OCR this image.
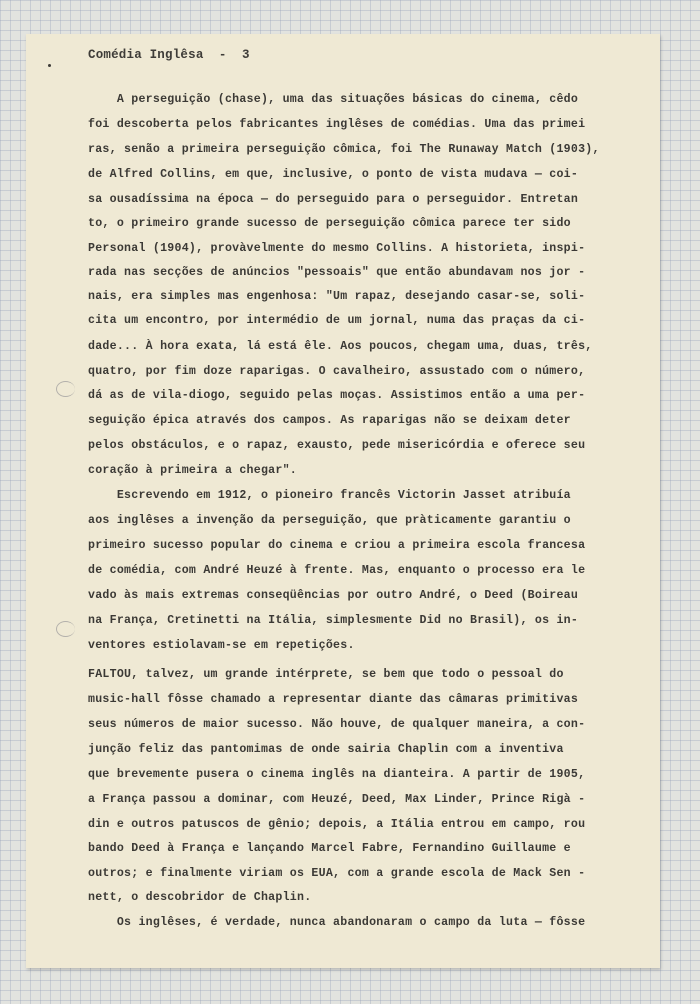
Comédia Inglêsa  -  3
A perseguição (chase), uma das situações básicas do cinema, cêdo
foi descoberta pelos fabricantes inglêses de comédias. Uma das primei
ras, senão a primeira perseguição cômica, foi The Runaway Match (1903),
de Alfred Collins, em que, inclusive, o ponto de vista mudava — coi-
sa ousadíssima na época — do perseguido para o perseguidor. Entretan
to, o primeiro grande sucesso de perseguição cômica parece ter sido
Personal (1904), provàvelmente do mesmo Collins. A historieta, inspi-
rada nas secções de anúncios "pessoais" que então abundavam nos jor -
nais, era simples mas engenhosa: "Um rapaz, desejando casar-se, soli-
cita um encontro, por intermédio de um jornal, numa das praças da ci-
dade... À hora exata, lá está êle. Aos poucos, chegam uma, duas, três,
quatro, por fim doze raparigas. O cavalheiro, assustado com o número,
dá as de vila-diogo, seguido pelas moças. Assistimos então a uma per-
seguição épica através dos campos. As raparigas não se deixam deter
pelos obstáculos, e o rapaz, exausto, pede misericórdia e oferece seu
coração à primeira a chegar".
Escrevendo em 1912, o pioneiro francês Victorin Jasset atribuía
aos inglêses a invenção da perseguição, que pràticamente garantiu o
primeiro sucesso popular do cinema e criou a primeira escola francesa
de comédia, com André Heuzé à frente. Mas, enquanto o processo era le
vado às mais extremas conseqüências por outro André, o Deed (Boireau
na França, Cretinetti na Itália, simplesmente Did no Brasil), os in-
ventores estiolavam-se em repetições.
FALTOU, talvez, um grande intérprete, se bem que todo o pessoal do
music-hall fôsse chamado a representar diante das câmaras primitivas
seus números de maior sucesso. Não houve, de qualquer maneira, a con-
junção feliz das pantomimas de onde sairia Chaplin com a inventiva
que brevemente pusera o cinema inglês na dianteira. A partir de 1905,
a França passou a dominar, com Heuzé, Deed, Max Linder, Prince Rigà -
din e outros patuscos de gênio; depois, a Itália entrou em campo, rou
bando Deed à França e lançando Marcel Fabre, Fernandino Guillaume e
outros; e finalmente viriam os EUA, com a grande escola de Mack Sen -
nett, o descobridor de Chaplin.
Os inglêses, é verdade, nunca abandonaram o campo da luta — fôsse
